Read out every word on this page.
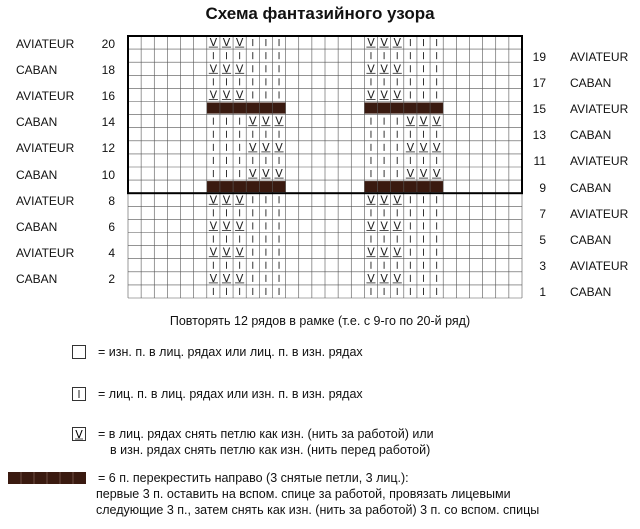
Схема фантазийного узора
AVIATEUR	20
CABAN	18
AVIATEUR	16
CABAN	14
AVIATEUR	12
CABAN	10
AVIATEUR	8
CABAN	6
AVIATEUR	4
CABAN	2
19 AVIATEUR
17 CABAN
15 AVIATEUR
13 CABAN
11 AVIATEUR
9 CABAN
7 AVIATEUR
5 CABAN
3 AVIATEUR
1 CABAN
V V V	V V V
V V V	V V V
V V V	V V V
V V V	V V V
V V V	V V V
V V V	V V V
V V V	V V V
V V V	V V V
V V V	V V V
V V V	V V V
Повторять 12 рядов в рамке (т.е. с 9-го по 20-й ряд)
= изн. п. в лиц. рядах или лиц. п. в изн. рядах
= лиц. п. в лиц. рядах или изн. п. в изн. рядах
V = в лиц. рядах снять петлю как изн. (нить за работой) или
в изн. рядах снять петлю как изн. (нить перед работой)
= 6 п. перекрестить направо (3 снятые петли, 3 лиц.):
первые 3 п. оставить на вспом. спице за работой, провязать лицевыми
следующие 3 п., затем снять как изн. (нить за работой) 3 п. со вспом. спицы
